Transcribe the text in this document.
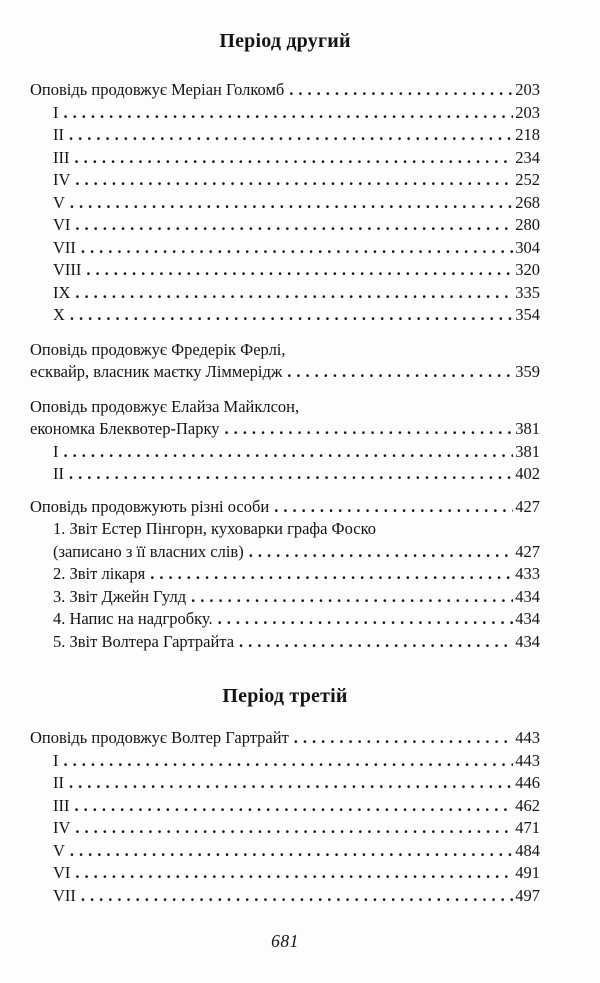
Період другий
Оповідь продовжує Меріан Голкомб .....	203
I .....	203
II .....	218
III .....	234
IV .....	252
V .....	268
VI .....	280
VII .....	304
VIII .....	320
IX .....	335
X .....	354
Оповідь продовжує Фредерік Ферлі,
есквайр, власник маєтку Ліммерідж .....	359
Оповідь продовжує Елайза Майклсон,
економка Блеквотер-Парку .....	381
I .....	381
II .....	402
Оповідь продовжують різні особи .....	427
1. Звіт Естер Пінгорн, куховарки графа Фоско
(записано з її власних слів) .....	427
2. Звіт лікаря .....	433
3. Звіт Джейн Гулд .....	434
4. Напис на надгробку. .....	434
5. Звіт Волтера Гартрайта .....	434
Період третій
Оповідь продовжує Волтер Гартрайт .....	443
I .....	443
II .....	446
III .....	462
IV .....	471
V .....	484
VI .....	491
VII .....	497
681
